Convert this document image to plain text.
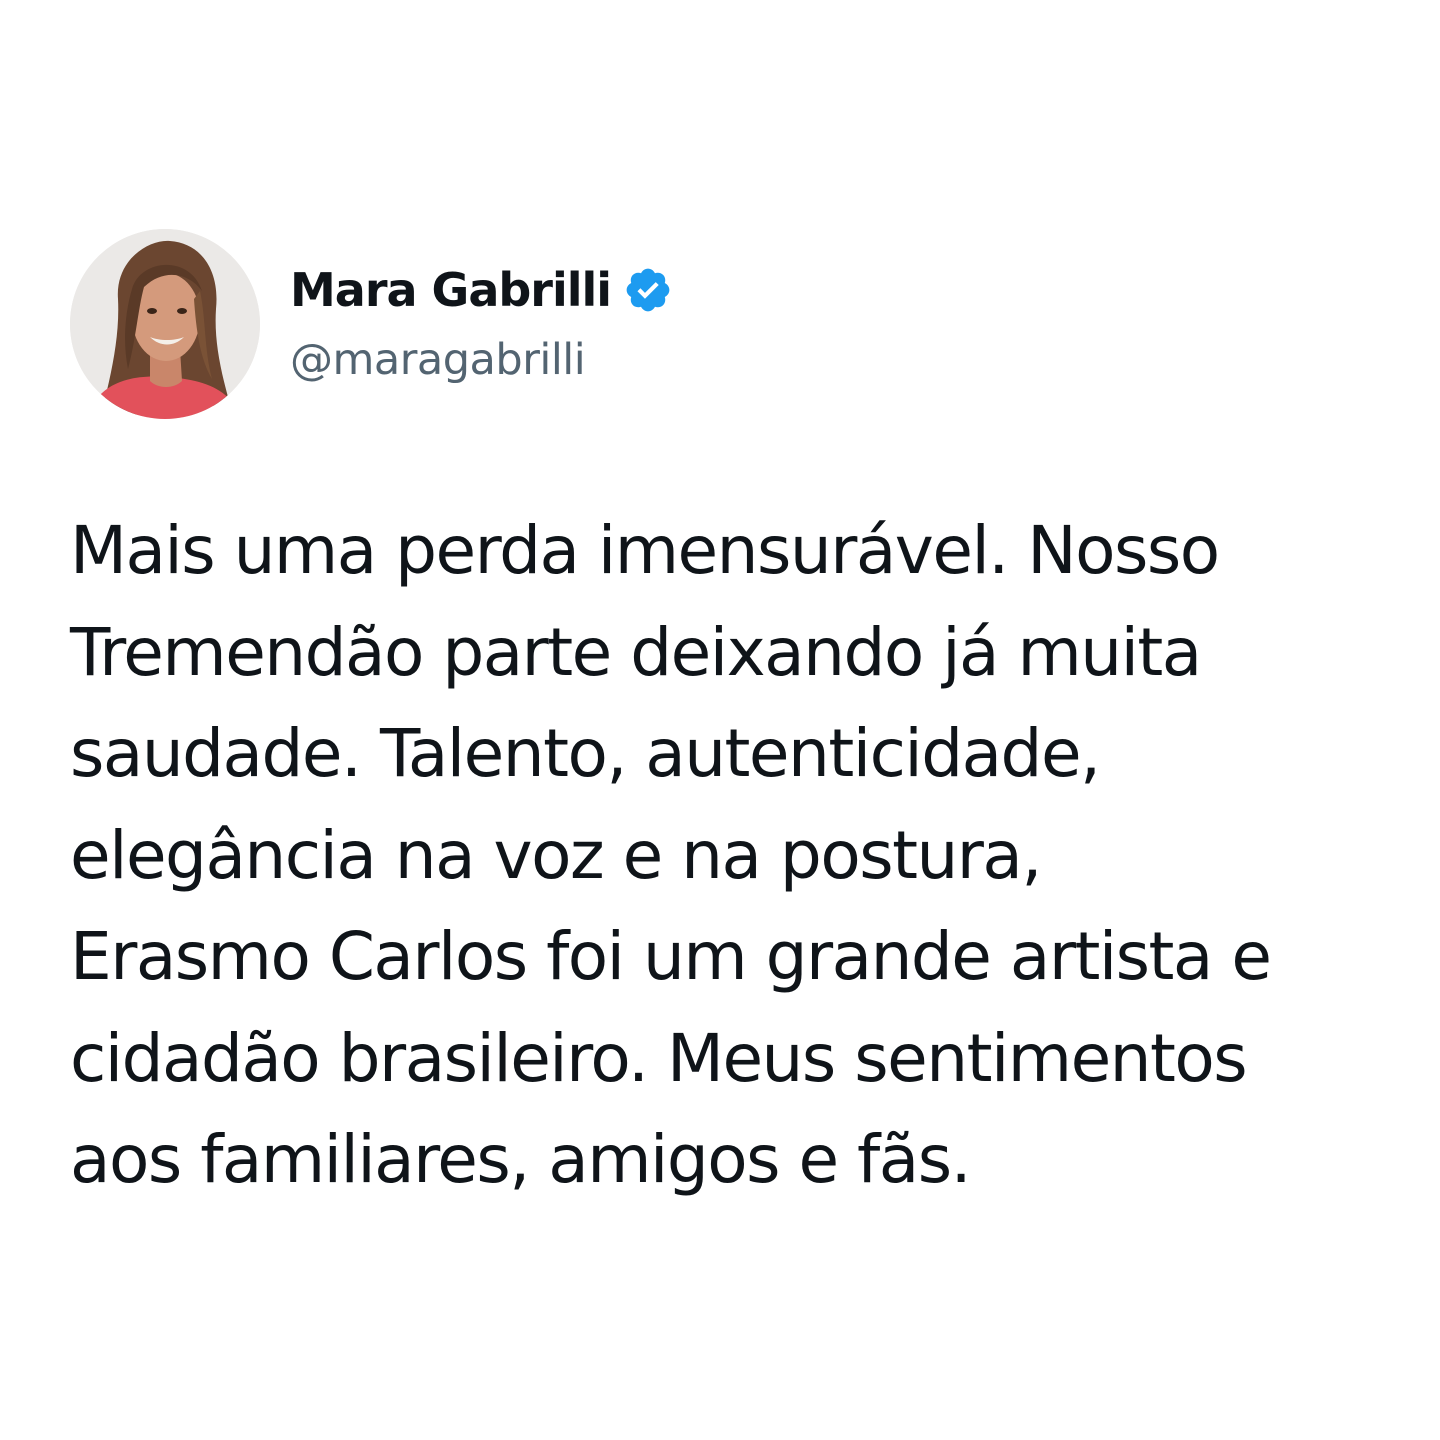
Mara Gabrilli
@maragabrilli

Mais uma perda imensurável. Nosso
Tremendão parte deixando já muita
saudade. Talento, autenticidade,
elegância na voz e na postura,
Erasmo Carlos foi um grande artista e
cidadão brasileiro. Meus sentimentos
aos familiares, amigos e fãs.
